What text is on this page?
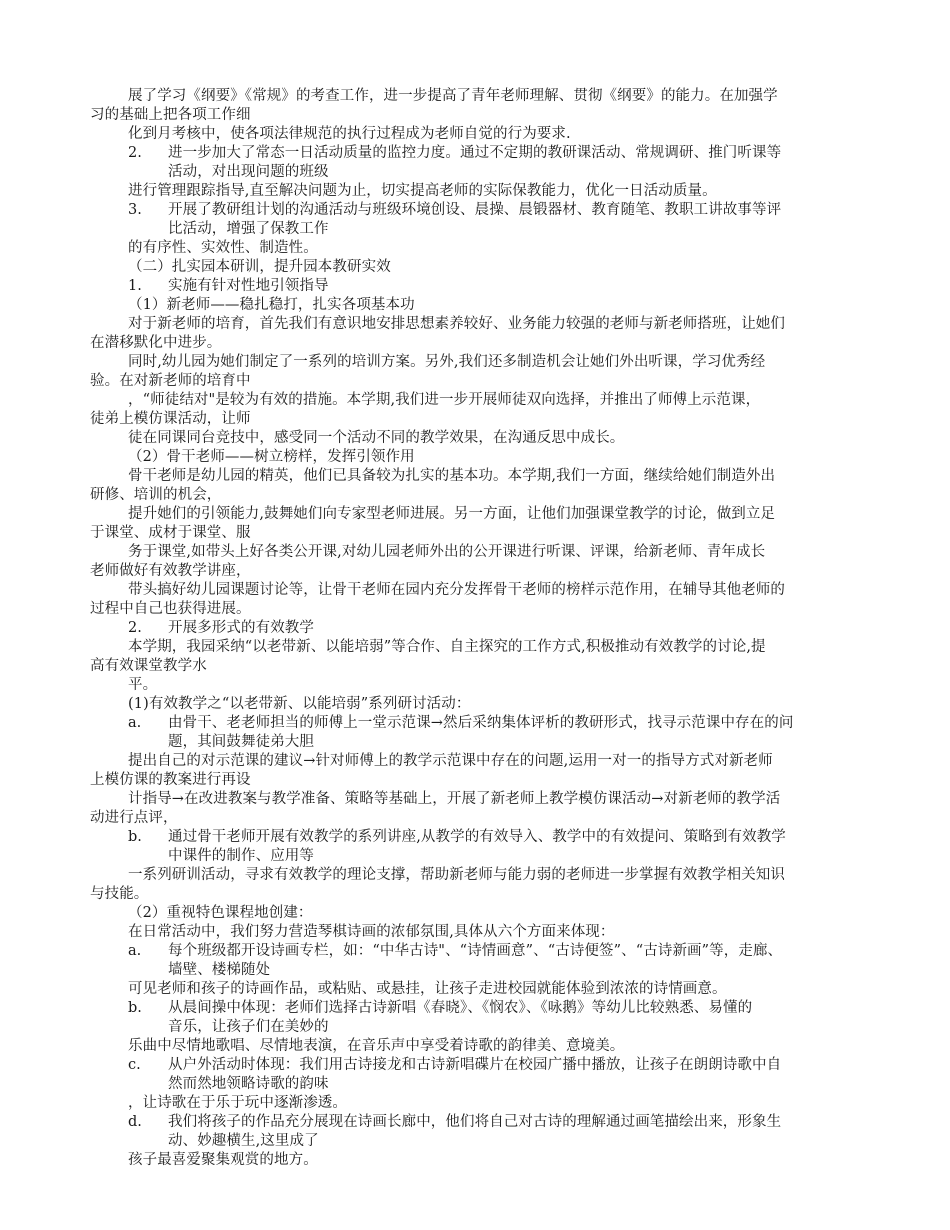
展了学习《纲要》《常规》的考查工作，进一步提高了青年老师理解、贯彻《纲要》的能力。在加强学
习的基础上把各项工作细
化到月考核中，使各项法律规范的执行过程成为老师自觉的行为要求.
2. 进一步加大了常态一日活动质量的监控力度。通过不定期的教研课活动、常规调研、推门听课等
活动，对出现问题的班级
进行管理跟踪指导,直至解决问题为止，切实提高老师的实际保教能力，优化一日活动质量。
3. 开展了教研组计划的沟通活动与班级环境创设、晨操、晨锻器材、教育随笔、教职工讲故事等评
比活动，增强了保教工作
的有序性、实效性、制造性。
（二）扎实园本研训，提升园本教研实效
1. 实施有针对性地引领指导
（1）新老师——稳扎稳打，扎实各项基本功
对于新老师的培育，首先我们有意识地安排思想素养较好、业务能力较强的老师与新老师搭班，让她们
在潜移默化中进步。
同时,幼儿园为她们制定了一系列的培训方案。另外,我们还多制造机会让她们外出听课，学习优秀经
验。在对新老师的培育中
，“师徒结对"是较为有效的措施。本学期,我们进一步开展师徒双向选择，并推出了师傅上示范课，
徒弟上模仿课活动，让师
徒在同课同台竞技中，感受同一个活动不同的教学效果，在沟通反思中成长。
（2）骨干老师——树立榜样，发挥引领作用
骨干老师是幼儿园的精英，他们已具备较为扎实的基本功。本学期,我们一方面，继续给她们制造外出
研修、培训的机会，
提升她们的引领能力,鼓舞她们向专家型老师进展。另一方面，让他们加强课堂教学的讨论，做到立足
于课堂、成材于课堂、服
务于课堂,如带头上好各类公开课,对幼儿园老师外出的公开课进行听课、评课，给新老师、青年成长
老师做好有效教学讲座，
带头搞好幼儿园课题讨论等，让骨干老师在园内充分发挥骨干老师的榜样示范作用，在辅导其他老师的
过程中自己也获得进展。
2. 开展多形式的有效教学
本学期，我园采纳“以老带新、以能培弱”等合作、自主探究的工作方式,积极推动有效教学的讨论,提
高有效课堂教学水
平。
(1)有效教学之“以老带新、以能培弱”系列研讨活动：
a. 由骨干、老老师担当的师傅上一堂示范课→然后采纳集体评析的教研形式，找寻示范课中存在的问
题，其间鼓舞徒弟大胆
提出自己的对示范课的建议→针对师傅上的教学示范课中存在的问题,运用一对一的指导方式对新老师
上模仿课的教案进行再设
计指导→在改进教案与教学准备、策略等基础上，开展了新老师上教学模仿课活动→对新老师的教学活
动进行点评，
b. 通过骨干老师开展有效教学的系列讲座,从教学的有效导入、教学中的有效提问、策略到有效教学
中课件的制作、应用等
一系列研训活动，寻求有效教学的理论支撑，帮助新老师与能力弱的老师进一步掌握有效教学相关知识
与技能。
（2）重视特色课程地创建：
在日常活动中，我们努力营造琴棋诗画的浓郁氛围,具体从六个方面来体现：
a. 每个班级都开设诗画专栏，如：“中华古诗"、“诗情画意”、“古诗便签”、“古诗新画”等，走廊、
墙壁、楼梯随处
可见老师和孩子的诗画作品，或粘贴、或悬挂，让孩子走进校园就能体验到浓浓的诗情画意。
b. 从晨间操中体现：老师们选择古诗新唱《春晓》、《悯农》、《咏鹅》等幼儿比较熟悉、易懂的
音乐，让孩子们在美妙的
乐曲中尽情地歌唱、尽情地表演，在音乐声中享受着诗歌的韵律美、意境美。
c. 从户外活动时体现：我们用古诗接龙和古诗新唱碟片在校园广播中播放，让孩子在朗朗诗歌中自
然而然地领略诗歌的韵味
，让诗歌在于乐于玩中逐渐渗透。
d. 我们将孩子的作品充分展现在诗画长廊中，他们将自己对古诗的理解通过画笔描绘出来，形象生
动、妙趣横生,这里成了
孩子最喜爱聚集观赏的地方。
